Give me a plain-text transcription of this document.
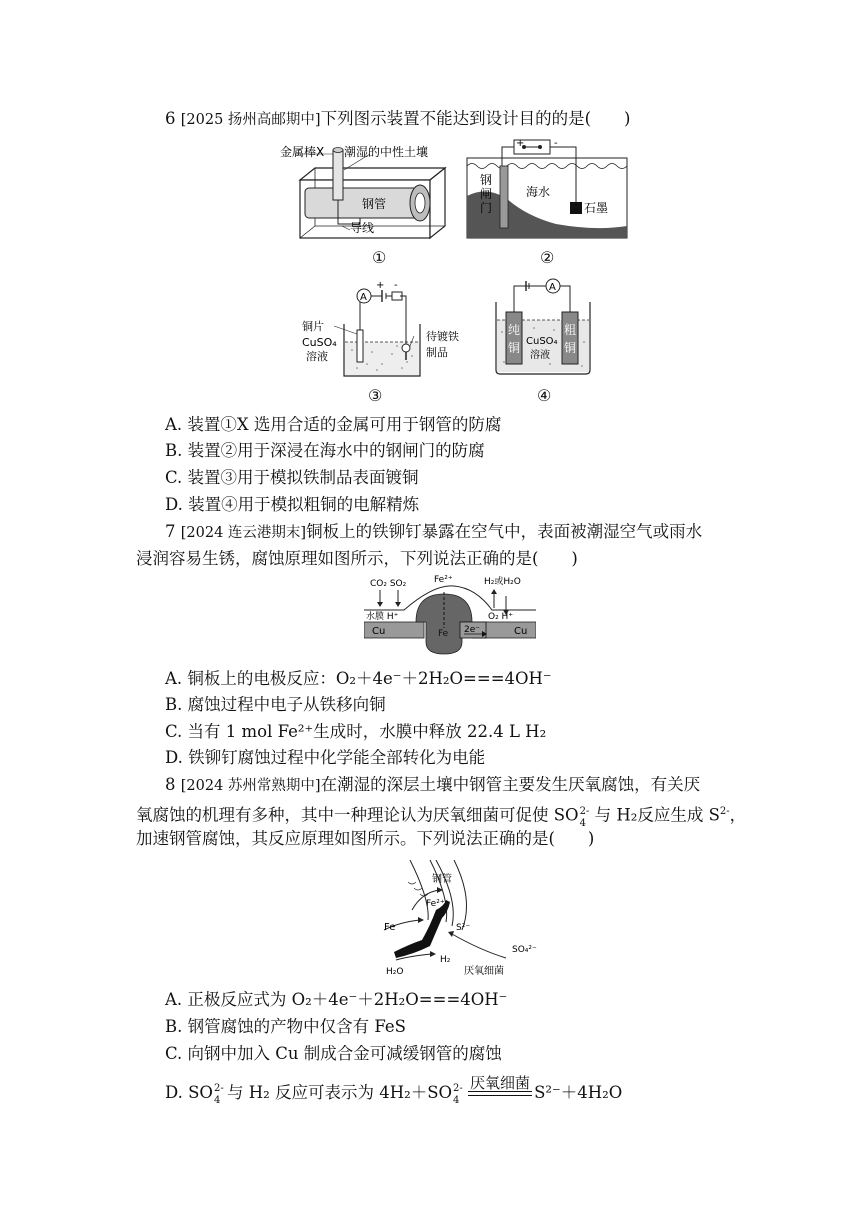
6 [2025 扬州高邮期中]下列图示装置不能达到设计目的的是(　　)
金属棒X 潮湿的中性土壤
钢管
导线
①
+	-
钢
闸
门
海水
石墨
②
A
+ -
铜片
CuSO₄
溶液
待镀铁
制品
③
A
纯
铜
粗
铜
CuSO₄
溶液
④
A. 装置①X 选用合适的金属可用于钢管的防腐
B. 装置②用于深浸在海水中的钢闸门的防腐
C. 装置③用于模拟铁制品表面镀铜
D. 装置④用于模拟粗铜的电解精炼
7 [2024 连云港期末]铜板上的铁铆钉暴露在空气中，表面被潮湿空气或雨水
浸润容易生锈，腐蚀原理如图所示，下列说法正确的是(　　)
CO₂ SO₂	Fe²⁺	H₂或H₂O
水膜 H⁺	O₂ H⁺
Cu	Cu
Fe 2e⁻
A. 铜板上的电极反应：O₂＋4e⁻＋2H₂O===4OH⁻
B. 腐蚀过程中电子从铁移向铜
C. 当有 1 mol Fe²⁺生成时，水膜中释放 22.4 L H₂
D. 铁铆钉腐蚀过程中化学能全部转化为电能
8 [2024 苏州常熟期中]在潮湿的深层土壤中钢管主要发生厌氧腐蚀，有关厌
氧腐蚀的机理有多种，其中一种理论认为厌氧细菌可促使 SO 2-
4 与 H₂反应生成 $S^{2-}$，
加速钢管腐蚀，其反应原理如图所示。下列说法正确的是(　　)
钢管
Fe²⁺
Fe	S²⁻
SO₄²⁻
H₂O
H₂
厌氧细菌
A. 正极反应式为 O₂＋4e⁻＋2H₂O===4OH⁻
B. 钢管腐蚀的产物中仅含有 FeS
C. 向钢中加入 Cu 制成合金可减缓钢管的腐蚀
D. SO 2-
4 与 H₂ 反应可表示为 4H₂＋SO 2-
4
厌氧细菌 S²⁻＋4H₂O
